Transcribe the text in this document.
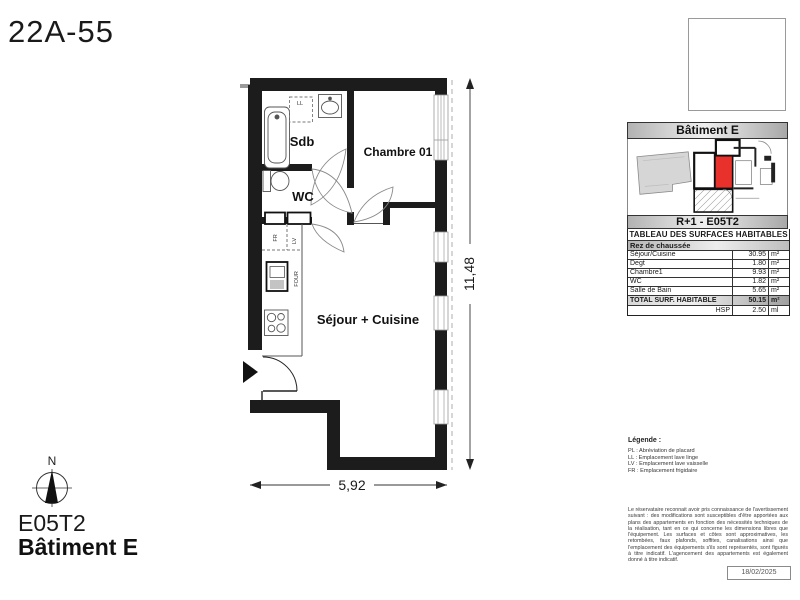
22A-55
LL
FR LV
FOUR
Sdb
WC
Chambre 01
Séjour + Cuisine
11,48
5,92
N
E05T2
Bâtiment E
Bâtiment E
R+1 - E05T2
TABLEAU DES SURFACES HABITABLES
Rez de chaussée
Séjour/Cuisine	30.95 m²
Degt	1.80 m²
Chambre1	9.93 m²
WC	1.82 m²
Salle de Bain	5.65 m²
TOTAL SURF. HABITABLE	50.15 m²
HSP	2.50 ml
Légende :
PL : Abréviation de placard
LL : Emplacement lave linge
LV : Emplacement lave vaisselle
FR : Emplacement frigidaire
Le réservataire reconnait avoir pris connaissance de l'avertissement suivant : des modifications sont susceptibles d'être apportées aux plans des appartements en fonction des nécessités techniques de la réalisation, tant en ce qui concerne les dimensions libres que l'équipement. Les surfaces et côtes sont approximatives, les retombées, faux plafonds, soffites, canalisations ainsi que l'emplacement des équipements s'ils sont représentés, sont figurés à titre indicatif. L'agencement des appartements est également donné à titre indicatif.
18/02/2025
